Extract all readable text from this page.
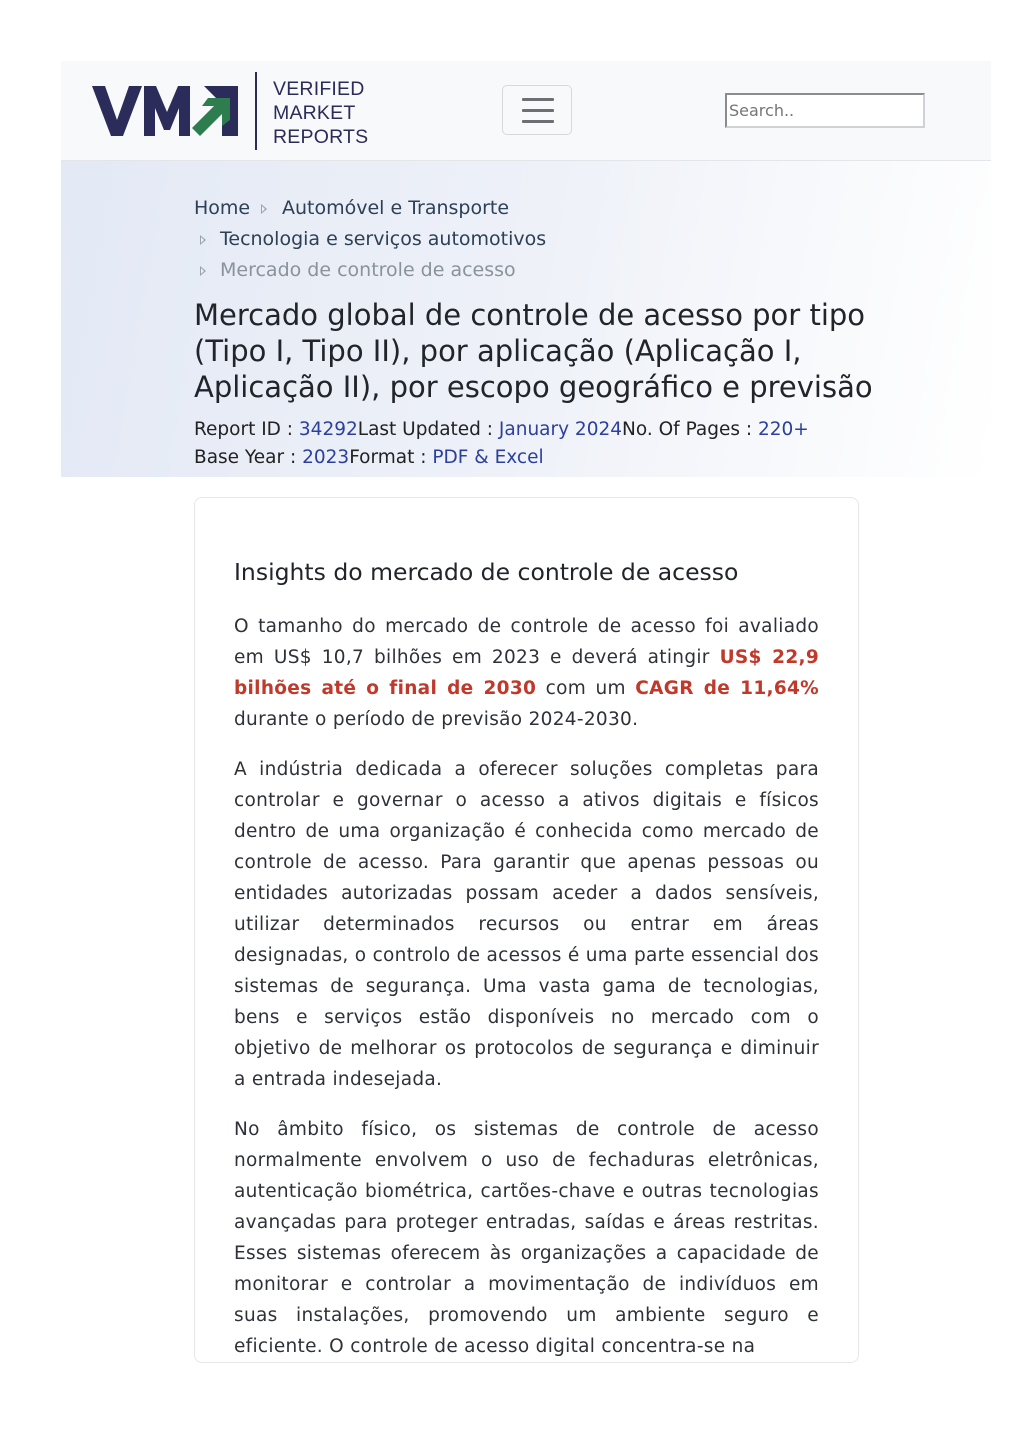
VERIFIED
MARKET
REPORTS
Search..
Home Automóvel e Transporte
Tecnologia e serviços automotivos
Mercado de controle de acesso
Mercado global de controle de acesso por tipo (Tipo I, Tipo II), por aplicação (Aplicação I, Aplicação II), por escopo geográfico e previsão
Report ID : 34292Last Updated : January 2024No. Of Pages : 220+
Base Year : 2023Format : PDF & Excel
Insights do mercado de controle de acesso

O tamanho do mercado de controle de acesso foi avaliado em US$ 10,7 bilhões em 2023 e deverá atingir US$ 22,9 bilhões até o final de 2030 com um CAGR de 11,64% durante o período de previsão 2024-2030.

A indústria dedicada a oferecer soluções completas para controlar e governar o acesso a ativos digitais e físicos dentro de uma organização é conhecida como mercado de controle de acesso. Para garantir que apenas pessoas ou entidades autorizadas possam aceder a dados sensíveis, utilizar determinados recursos ou entrar em áreas designadas, o controlo de acessos é uma parte essencial dos sistemas de segurança. Uma vasta gama de tecnologias, bens e serviços estão disponíveis no mercado com o objetivo de melhorar os protocolos de segurança e diminuir a entrada indesejada.

No âmbito físico, os sistemas de controle de acesso normalmente envolvem o uso de fechaduras eletrônicas, autenticação biométrica, cartões-chave e outras tecnologias avançadas para proteger entradas, saídas e áreas restritas. Esses sistemas oferecem às organizações a capacidade de monitorar e controlar a movimentação de indivíduos em suas instalações, promovendo um ambiente seguro e eficiente. O controle de acesso digital concentra-se na
